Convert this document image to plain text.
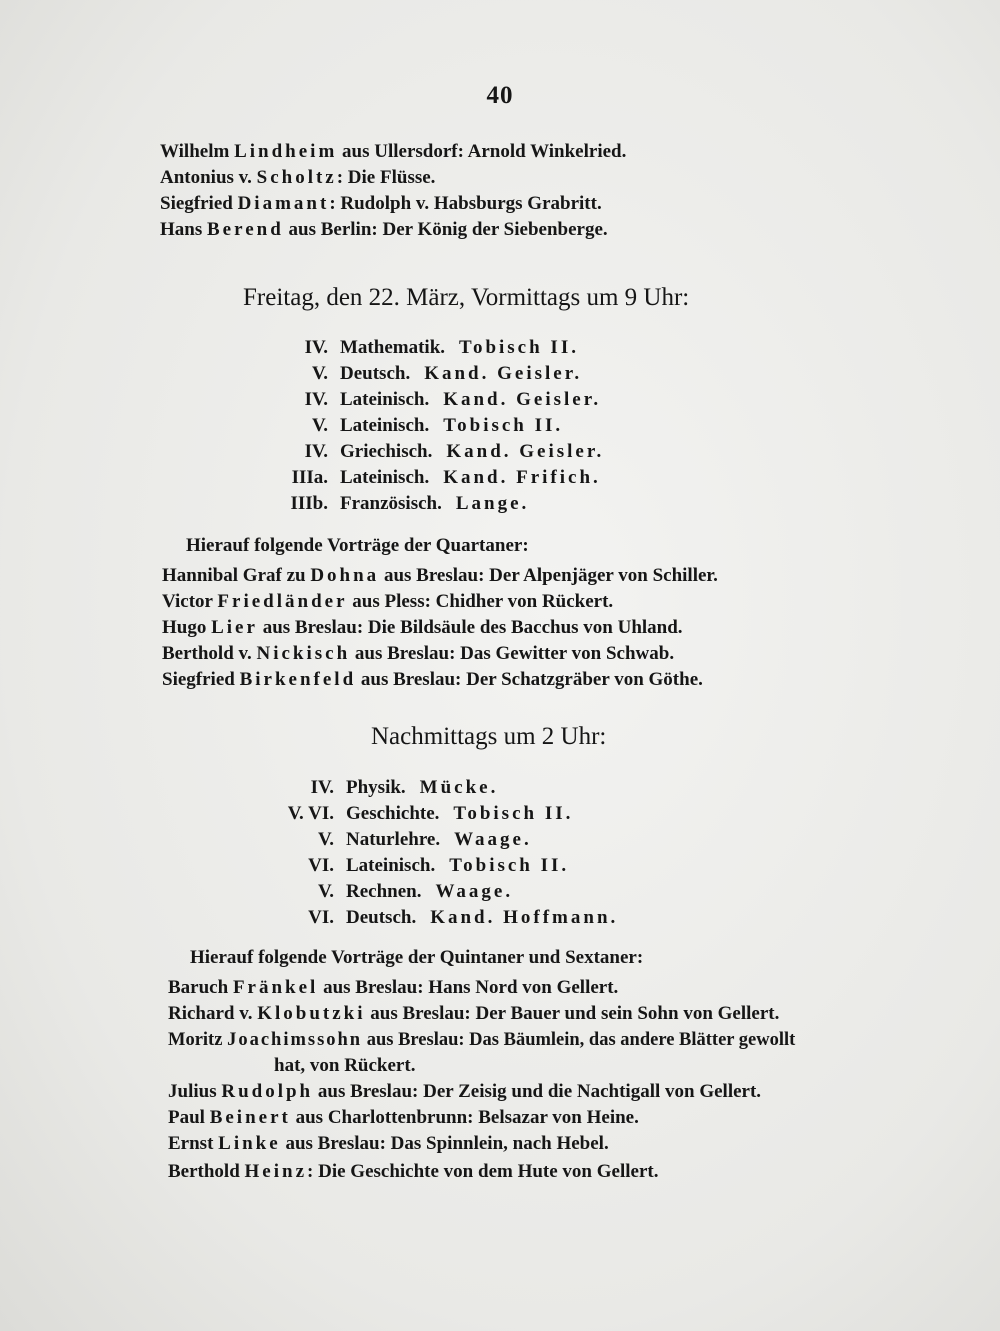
40
Wilhelm Lindheim aus Ullersdorf: Arnold Winkelried.
Antonius v. Scholtz: Die Flüsse.
Siegfried Diamant: Rudolph v. Habsburgs Grabritt.
Hans Berend aus Berlin: Der König der Siebenberge.
Freitag, den 22. März, Vormittags um 9 Uhr:
IV. Mathematik. Tobisch II.
V. Deutsch. Kand. Geisler.
IV. Lateinisch. Kand. Geisler.
V. Lateinisch. Tobisch II.
IV. Griechisch. Kand. Geisler.
IIIa. Lateinisch. Kand. Frifich.
IIIb. Französisch. Lange.
Hierauf folgende Vorträge der Quartaner:
Hannibal Graf zu Dohna aus Breslau: Der Alpenjäger von Schiller.
Victor Friedländer aus Pless: Chidher von Rückert.
Hugo Lier aus Breslau: Die Bildsäule des Bacchus von Uhland.
Berthold v. Nickisch aus Breslau: Das Gewitter von Schwab.
Siegfried Birkenfeld aus Breslau: Der Schatzgräber von Göthe.
Nachmittags um 2 Uhr:
IV. Physik. Mücke.
V. VI. Geschichte. Tobisch II.
V. Naturlehre. Waage.
VI. Lateinisch. Tobisch II.
V. Rechnen. Waage.
VI. Deutsch. Kand. Hoffmann.
Hierauf folgende Vorträge der Quintaner und Sextaner:
Baruch Fränkel aus Breslau: Hans Nord von Gellert.
Richard v. Klobutzki aus Breslau: Der Bauer und sein Sohn von Gellert.
Moritz Joachimssohn aus Breslau: Das Bäumlein, das andere Blätter gewollt
hat, von Rückert.
Julius Rudolph aus Breslau: Der Zeisig und die Nachtigall von Gellert.
Paul Beinert aus Charlottenbrunn: Belsazar von Heine.
Ernst Linke aus Breslau: Das Spinnlein, nach Hebel.
Berthold Heinz: Die Geschichte von dem Hute von Gellert.
